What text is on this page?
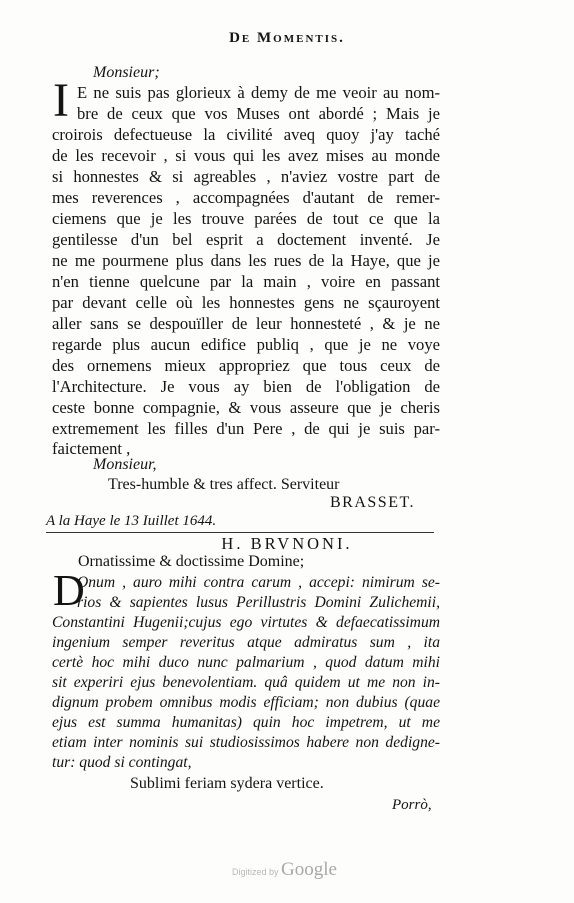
De Momentis.
Monsieur;
I E ne suis pas glorieux à demy de me veoir au nom-
bre de ceux que vos Muses ont abordé ; Mais je
croirois defectueuse la civilité aveq quoy j'ay taché
de les recevoir , si vous qui les avez mises au monde
si honnestes & si agreables , n'aviez vostre part de
mes reverences , accompagnées d'autant de remer-
ciemens que je les trouve parées de tout ce que la
gentilesse d'un bel esprit a doctement inventé. Je
ne me pourmene plus dans les rues de la Haye, que je
n'en tienne quelcune par la main , voire en passant
par devant celle où les honnestes gens ne sçauroyent
aller sans se despouïller de leur honnesteté , & je ne
regarde plus aucun edifice publiq , que je ne voye
des ornemens mieux appropriez que tous ceux de
l'Architecture. Je vous ay bien de l'obligation de
ceste bonne compagnie, & vous asseure que je cheris
extremement les filles d'un Pere , de qui je suis par-
faictement ,
Monsieur,
Tres-humble & tres affect. Serviteur
BRASSET.
A la Haye le 13 Iuillet 1644.
H. BRVNONI.
Ornatissime & doctissime Domine;
D
Onum , auro mihi contra carum , accepi: nimirum se-
rios & sapientes lusus Perillustris Domini Zulichemii,
Constantini Hugenii;cujus ego virtutes & defaecatissimum
ingenium semper reveritus atque admiratus sum , ita
certè hoc mihi duco nunc palmarium , quod datum mihi
sit experiri ejus benevolentiam. quâ quidem ut me non in-
dignum probem omnibus modis efficiam; non dubius (quae
ejus est summa humanitas) quin hoc impetrem, ut me
etiam inter nominis sui studiosissimos habere non dedigne-
tur: quod si contingat,
Sublimi feriam sydera vertice.
Porrò,
Digitized by Google
